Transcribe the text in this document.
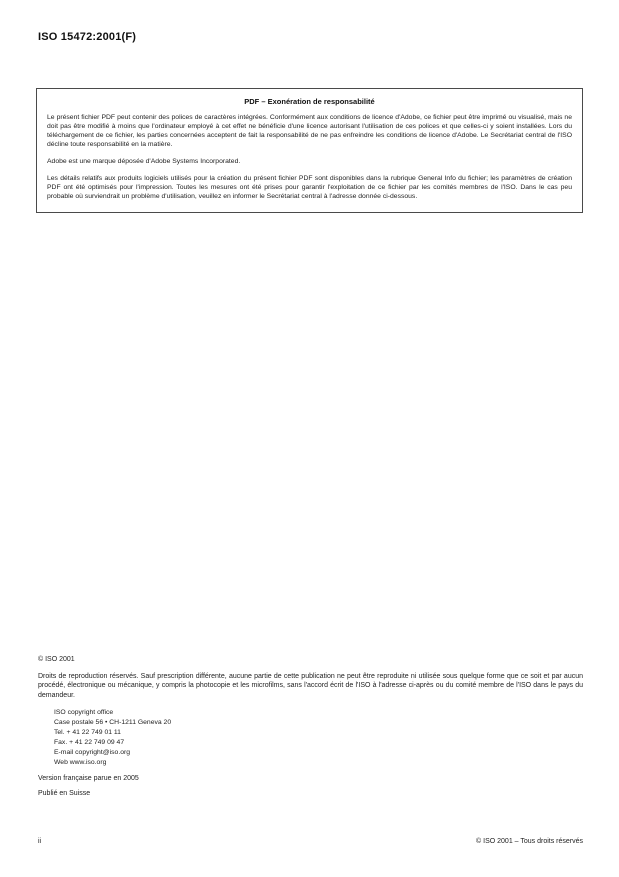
ISO 15472:2001(F)
PDF – Exonération de responsabilité

Le présent fichier PDF peut contenir des polices de caractères intégrées. Conformément aux conditions de licence d'Adobe, ce fichier peut être imprimé ou visualisé, mais ne doit pas être modifié à moins que l'ordinateur employé à cet effet ne bénéficie d'une licence autorisant l'utilisation de ces polices et que celles-ci y soient installées. Lors du téléchargement de ce fichier, les parties concernées acceptent de fait la responsabilité de ne pas enfreindre les conditions de licence d'Adobe. Le Secrétariat central de l'ISO décline toute responsabilité en la matière.

Adobe est une marque déposée d'Adobe Systems Incorporated.

Les détails relatifs aux produits logiciels utilisés pour la création du présent fichier PDF sont disponibles dans la rubrique General Info du fichier; les paramètres de création PDF ont été optimisés pour l'impression. Toutes les mesures ont été prises pour garantir l'exploitation de ce fichier par les comités membres de l'ISO. Dans le cas peu probable où surviendrait un problème d'utilisation, veuillez en informer le Secrétariat central à l'adresse donnée ci-dessous.

© ISO 2001

Droits de reproduction réservés. Sauf prescription différente, aucune partie de cette publication ne peut être reproduite ni utilisée sous quelque forme que ce soit et par aucun procédé, électronique ou mécanique, y compris la photocopie et les microfilms, sans l'accord écrit de l'ISO à l'adresse ci-après ou du comité membre de l'ISO dans le pays du demandeur.

ISO copyright office
Case postale 56 • CH-1211 Geneva 20
Tel. + 41 22 749 01 11
Fax. + 41 22 749 09 47
E-mail copyright@iso.org
Web www.iso.org

Version française parue en 2005

Publié en Suisse

ii	© ISO 2001 – Tous droits réservés
